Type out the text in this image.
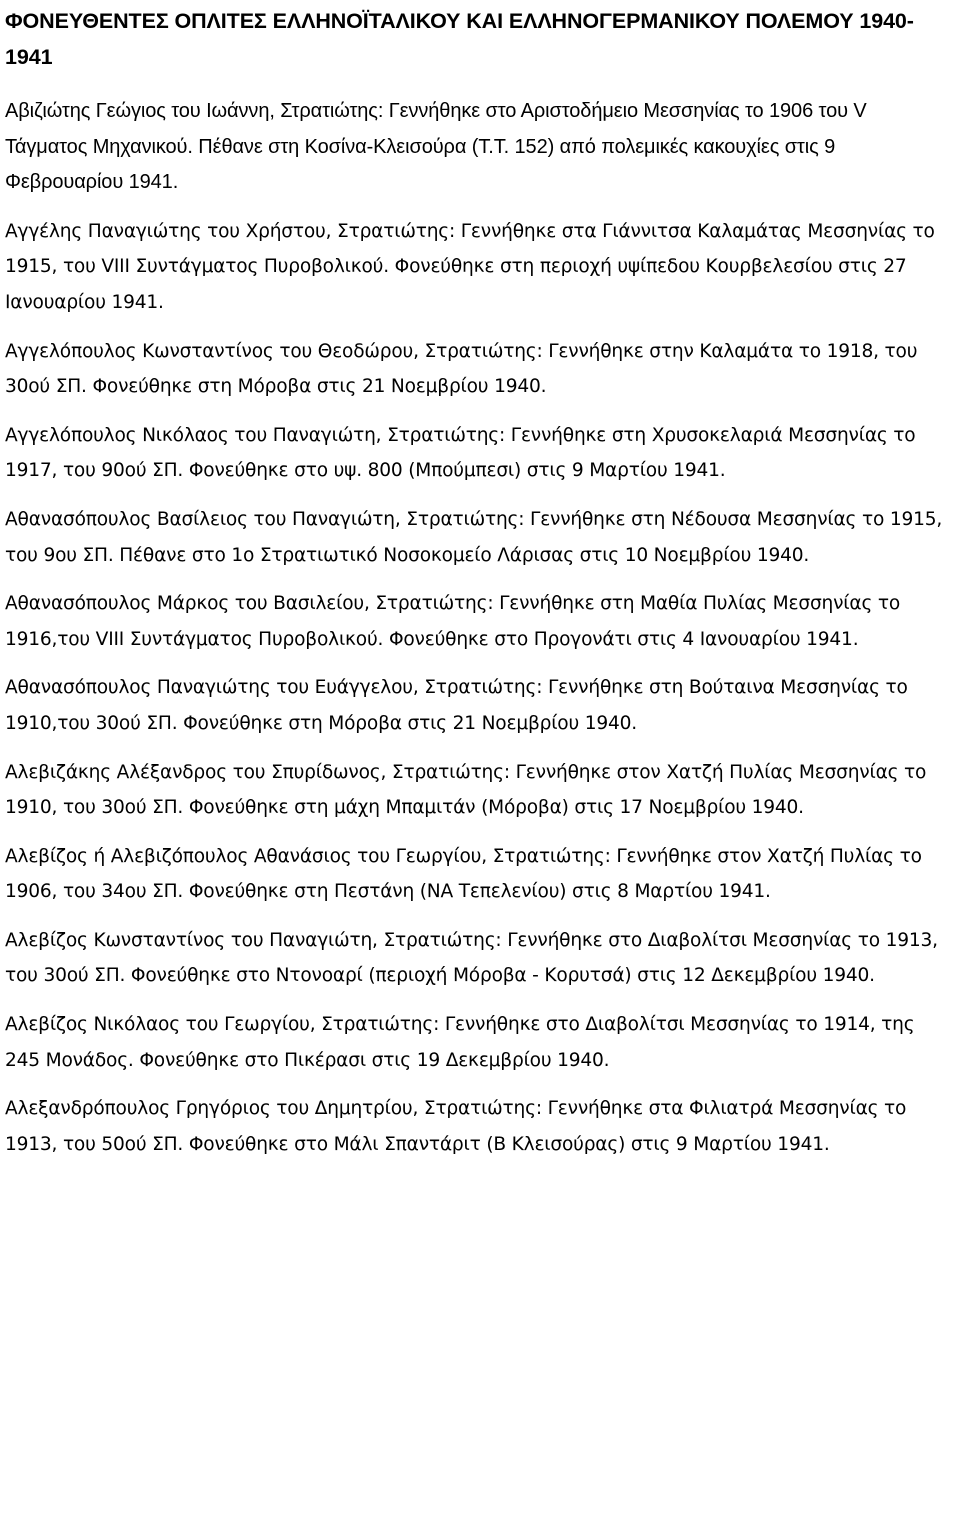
ΦΟΝΕΥΘΕΝΤΕΣ ΟΠΛΙΤΕΣ ΕΛΛΗΝΟΪΤΑΛΙΚΟΥ ΚΑΙ ΕΛΛΗΝΟΓΕΡΜΑΝΙΚΟΥ ΠΟΛΕΜΟΥ 1940-1941

Αβιζιώτης Γεώγιος του Ιωάννη, Στρατιώτης: Γεννήθηκε στο Αριστοδήμειο Μεσσηνίας το 1906 του V Τάγματος Μηχανικού. Πέθανε στη Κοσίνα-Κλεισούρα (Τ.Τ. 152) από πολεμικές κακουχίες στις 9 Φεβρουαρίου 1941.

Αγγέλης Παναγιώτης του Χρήστου, Στρατιώτης: Γεννήθηκε στα Γιάννιτσα Καλαμάτας Μεσσηνίας το 1915, του VIII Συντάγματος Πυροβολικού. Φονεύθηκε στη περιοχή υψίπεδου Κουρβελεσίου στις 27 Ιανουαρίου 1941.

Αγγελόπουλος Κωνσταντίνος του Θεοδώρου, Στρατιώτης: Γεννήθηκε στην Καλαμάτα το 1918, του 30ού ΣΠ. Φονεύθηκε στη Μόροβα στις 21 Νοεμβρίου 1940.

Αγγελόπουλος Νικόλαος του Παναγιώτη, Στρατιώτης: Γεννήθηκε στη Χρυσοκελαριά Μεσσηνίας το 1917, του 90ού ΣΠ. Φονεύθηκε στο υψ. 800 (Μπούμπεσι) στις 9 Μαρτίου 1941.

Αθανασόπουλος Βασίλειος του Παναγιώτη, Στρατιώτης: Γεννήθηκε στη Νέδουσα Μεσσηνίας το 1915, του 9ου ΣΠ. Πέθανε στο 1ο Στρατιωτικό Νοσοκομείο Λάρισας στις 10 Νοεμβρίου 1940.

Αθανασόπουλος Μάρκος του Βασιλείου, Στρατιώτης: Γεννήθηκε στη Μαθία Πυλίας Μεσσηνίας το 1916,του VIII Συντάγματος Πυροβολικού. Φονεύθηκε στο Προγονάτι στις 4 Ιανουαρίου 1941.

Αθανασόπουλος Παναγιώτης του Ευάγγελου, Στρατιώτης: Γεννήθηκε στη Βούταινα Μεσσηνίας το 1910,του 30ού ΣΠ. Φονεύθηκε στη Μόροβα στις 21 Νοεμβρίου 1940.

Αλεβιζάκης Αλέξανδρος του Σπυρίδωνος, Στρατιώτης: Γεννήθηκε στον Χατζή Πυλίας Μεσσηνίας το 1910, του 30ού ΣΠ. Φονεύθηκε στη μάχη Μπαμιτάν (Μόροβα) στις 17 Νοεμβρίου 1940.

Αλεβίζος ή Αλεβιζόπουλος Αθανάσιος του Γεωργίου, Στρατιώτης: Γεννήθηκε στον Χατζή Πυλίας το 1906, του 34ου ΣΠ. Φονεύθηκε στη Πεστάνη (ΝΑ Τεπελενίου) στις 8 Μαρτίου 1941.

Αλεβίζος Κωνσταντίνος του Παναγιώτη, Στρατιώτης: Γεννήθηκε στο Διαβολίτσι Μεσσηνίας το 1913, του 30ού ΣΠ. Φονεύθηκε στο Ντονοαρί (περιοχή Μόροβα - Κορυτσά) στις 12 Δεκεμβρίου 1940.

Αλεβίζος Νικόλαος του Γεωργίου, Στρατιώτης: Γεννήθηκε στο Διαβολίτσι Μεσσηνίας το 1914, της 245 Μονάδος. Φονεύθηκε στο Πικέρασι στις 19 Δεκεμβρίου 1940.

Αλεξανδρόπουλος Γρηγόριος του Δημητρίου, Στρατιώτης: Γεννήθηκε στα Φιλιατρά Μεσσηνίας το 1913, του 50ού ΣΠ. Φονεύθηκε στο Μάλι Σπαντάριτ (Β Κλεισούρας) στις 9 Μαρτίου 1941.
